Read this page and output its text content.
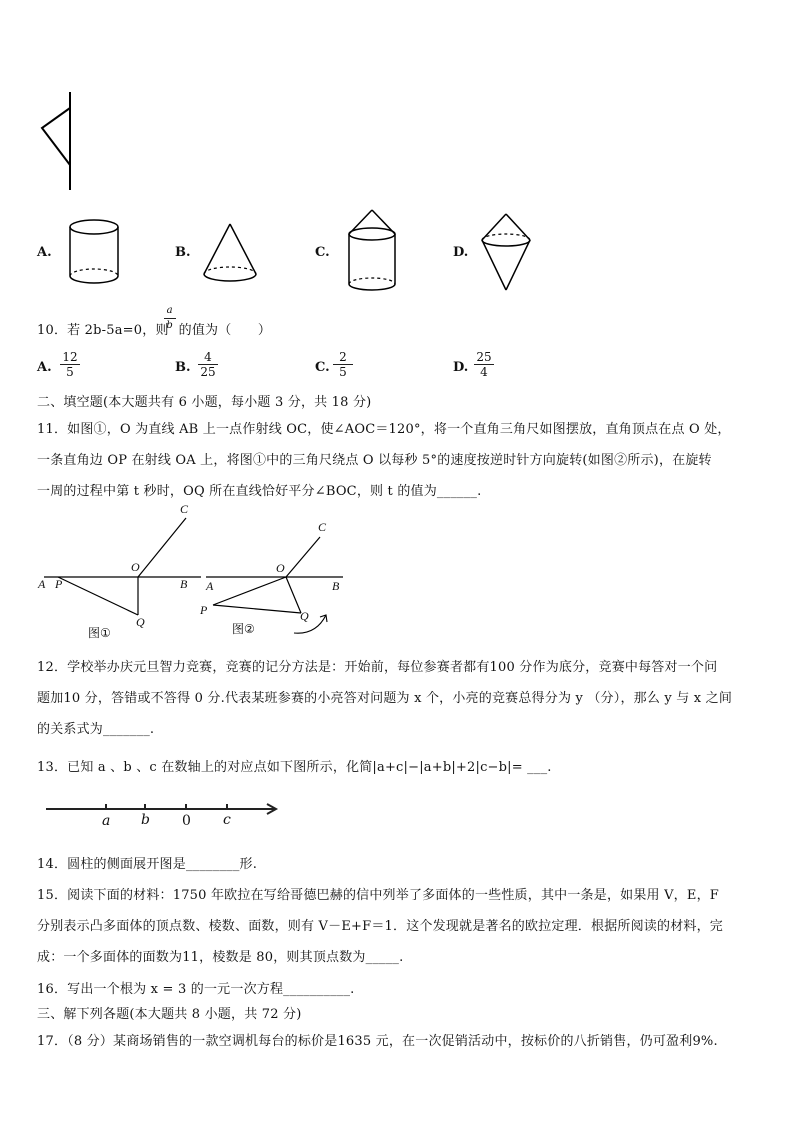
A.	B.	C.	D.
10．若 2b-5a=0，则
$\frac{a}{b}$ 的值为（　　）
A. $\frac{12}{5}$	B. $\frac{4}{25}$	C. $\frac{2}{5}$	D. $\frac{25}{4}$
二、填空题(本大题共有 6 小题，每小题 3 分，共 18 分)
11．如图①，O 为直线 AB 上一点作射线 OC，使∠AOC＝120°，将一个直角三角尺如图摆放，直角顶点在点 O 处，
一条直角边 OP 在射线 OA 上，将图①中的三角尺绕点 O 以每秒 5°的速度按逆时针方向旋转(如图②所示)，在旋转
一周的过程中第 t 秒时，OQ 所在直线恰好平分∠BOC，则 t 的值为______.
A P
O
B
C
Q
图①
A
P
O
B
C
Q
图②
12．学校举办庆元旦智力竞赛，竞赛的记分方法是：开始前，每位参赛者都有100 分作为底分，竞赛中每答对一个问
题加10 分，答错或不答得 0 分.代表某班参赛的小亮答对问题为 x 个，小亮的竞赛总得分为 y （分），那么 y 与 x 之间
的关系式为_______.
13．已知 a 、b 、c 在数轴上的对应点如下图所示，化简|a+c|−|a+b|+2|c−b|= ___.
a b 0 c
14．圆柱的侧面展开图是________形.
15．阅读下面的材料：1750 年欧拉在写给哥德巴赫的信中列举了多面体的一些性质，其中一条是，如果用 V，E，F
分别表示凸多面体的顶点数、棱数、面数，则有 V－E+F＝1．这个发现就是著名的欧拉定理．根据所阅读的材料，完
成：一个多面体的面数为11，棱数是 80，则其顶点数为_____.
16．写出一个根为 x = 3 的一元一次方程__________.
三、解下列各题(本大题共 8 小题，共 72 分)
17．（8 分）某商场销售的一款空调机每台的标价是1635 元，在一次促销活动中，按标价的八折销售，仍可盈利9%.
